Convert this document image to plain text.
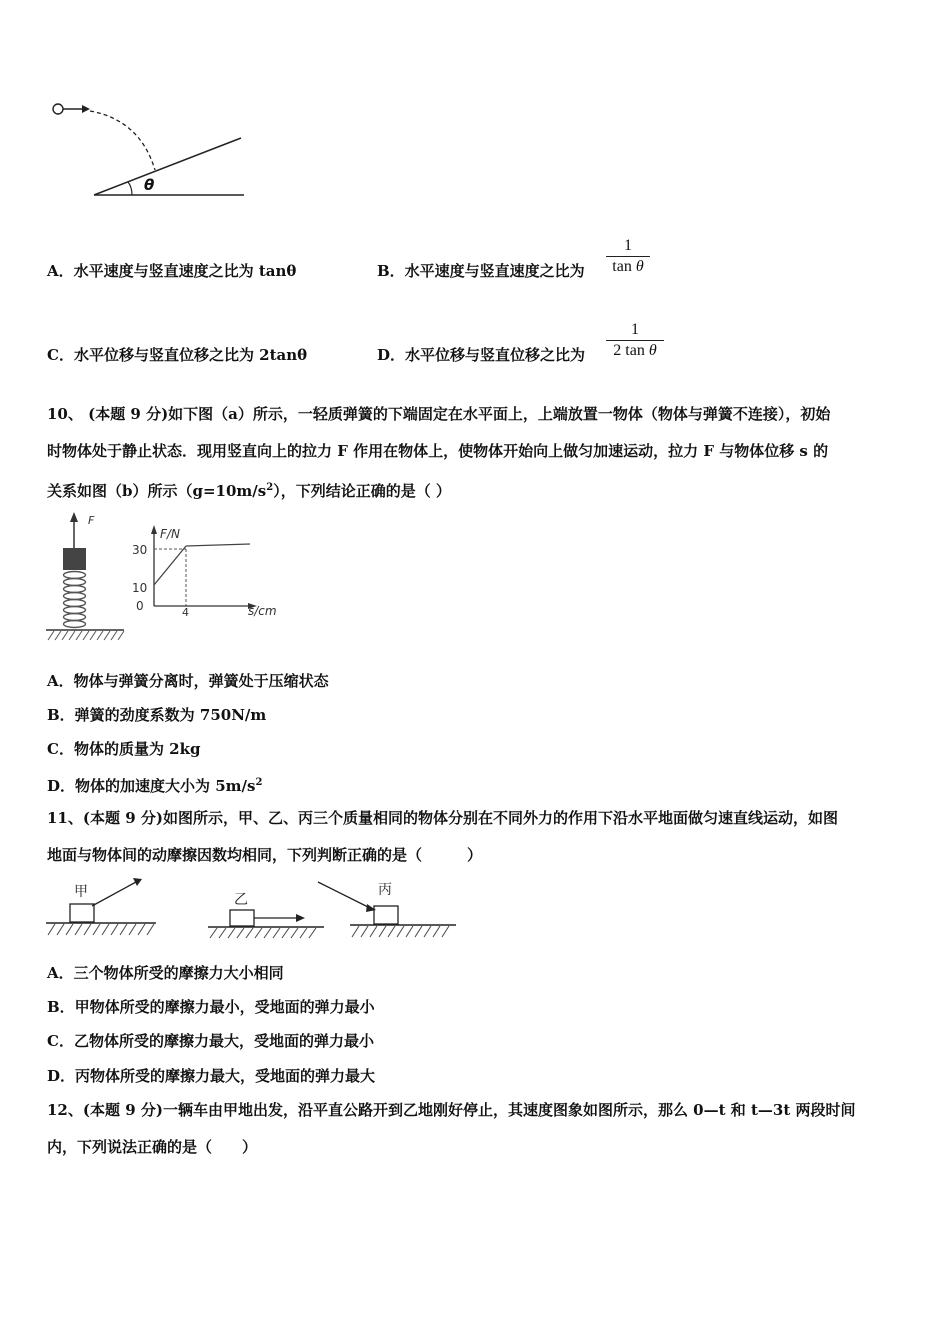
θ
A．水平速度与竖直速度之比为 tanθ	B．水平速度与竖直速度之比为
1
tan θ
C．水平位移与竖直位移之比为 2tanθ	D．水平位移与竖直位移之比为
1
2 tan θ
10、 (本题 9 分)如下图（a）所示，一轻质弹簧的下端固定在水平面上，上端放置一物体（物体与弹簧不连接），初始
时物体处于静止状态．现用竖直向上的拉力 F 作用在物体上，使物体开始向上做匀加速运动，拉力 F 与物体位移 s 的
关系如图（b）所示$(g=10m/s^2)$，下列结论正确的是（ ）
F
F/N
s/cm
30
10
0	4
A．物体与弹簧分离时，弹簧处于压缩状态
B．弹簧的劲度系数为 750N/m
C．物体的质量为 2kg
D．物体的加速度大小为 $5m/s^2$
11、(本题 9 分)如图所示，甲、乙、丙三个质量相同的物体分别在不同外力的作用下沿水平地面做匀速直线运动，如图
地面与物体间的动摩擦因数均相同，下列判断正确的是（　　　）
甲	乙
丙
A．三个物体所受的摩擦力大小相同
B．甲物体所受的摩擦力最小，受地面的弹力最小
C．乙物体所受的摩擦力最大，受地面的弹力最小
D．丙物体所受的摩擦力最大，受地面的弹力最大
12、(本题 9 分)一辆车由甲地出发，沿平直公路开到乙地刚好停止，其速度图象如图所示，那么 0—t 和 t—3t 两段时间
内，下列说法正确的是（　　）
